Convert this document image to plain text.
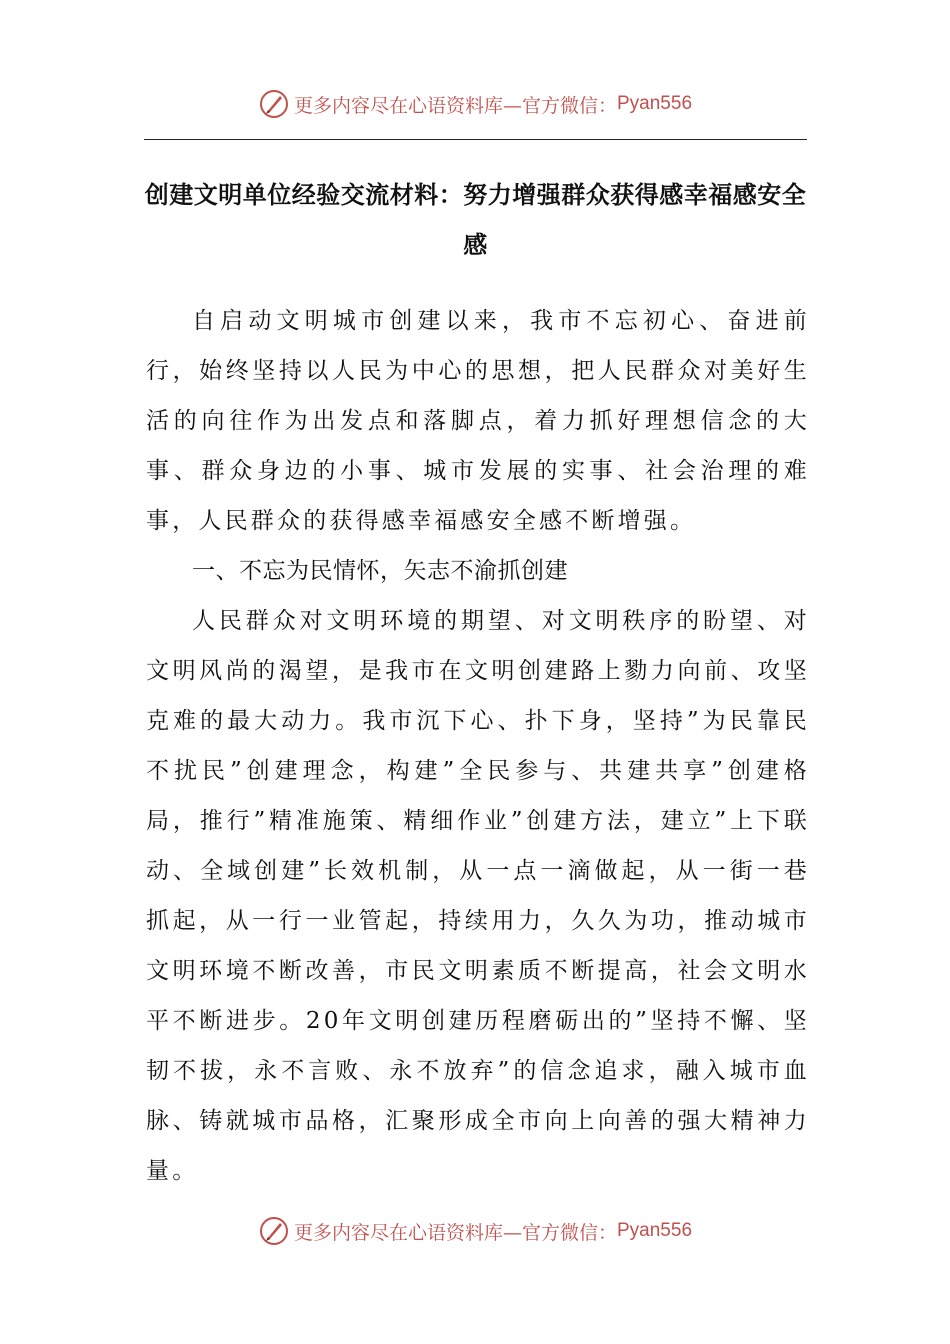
更多内容尽在心语资料库—官方微信： Pyan556
创建文明单位经验交流材料：努力增强群众获得感幸福感安全感

自启动文明城市创建以来，我市不忘初心、奋进前行，始终坚持以人民为中心的思想，把人民群众对美好生活的向往作为出发点和落脚点，着力抓好理想信念的大事、群众身边的小事、城市发展的实事、社会治理的难事，人民群众的获得感幸福感安全感不断增强。

一、不忘为民情怀，矢志不渝抓创建

人民群众对文明环境的期望、对文明秩序的盼望、对文明风尚的渴望，是我市在文明创建路上勠力向前、攻坚克难的最大动力。我市沉下心、扑下身，坚持”为民靠民不扰民”创建理念，构建”全民参与、共建共享”创建格局，推行”精准施策、精细作业”创建方法，建立”上下联动、全域创建”长效机制，从一点一滴做起，从一街一巷抓起，从一行一业管起，持续用力，久久为功，推动城市文明环境不断改善，市民文明素质不断提高，社会文明水平不断进步。20年文明创建历程磨砺出的”坚持不懈、坚韧不拔，永不言败、永不放弃”的信念追求，融入城市血脉、铸就城市品格，汇聚形成全市向上向善的强大精神力量。

更多内容尽在心语资料库—官方微信： Pyan556
